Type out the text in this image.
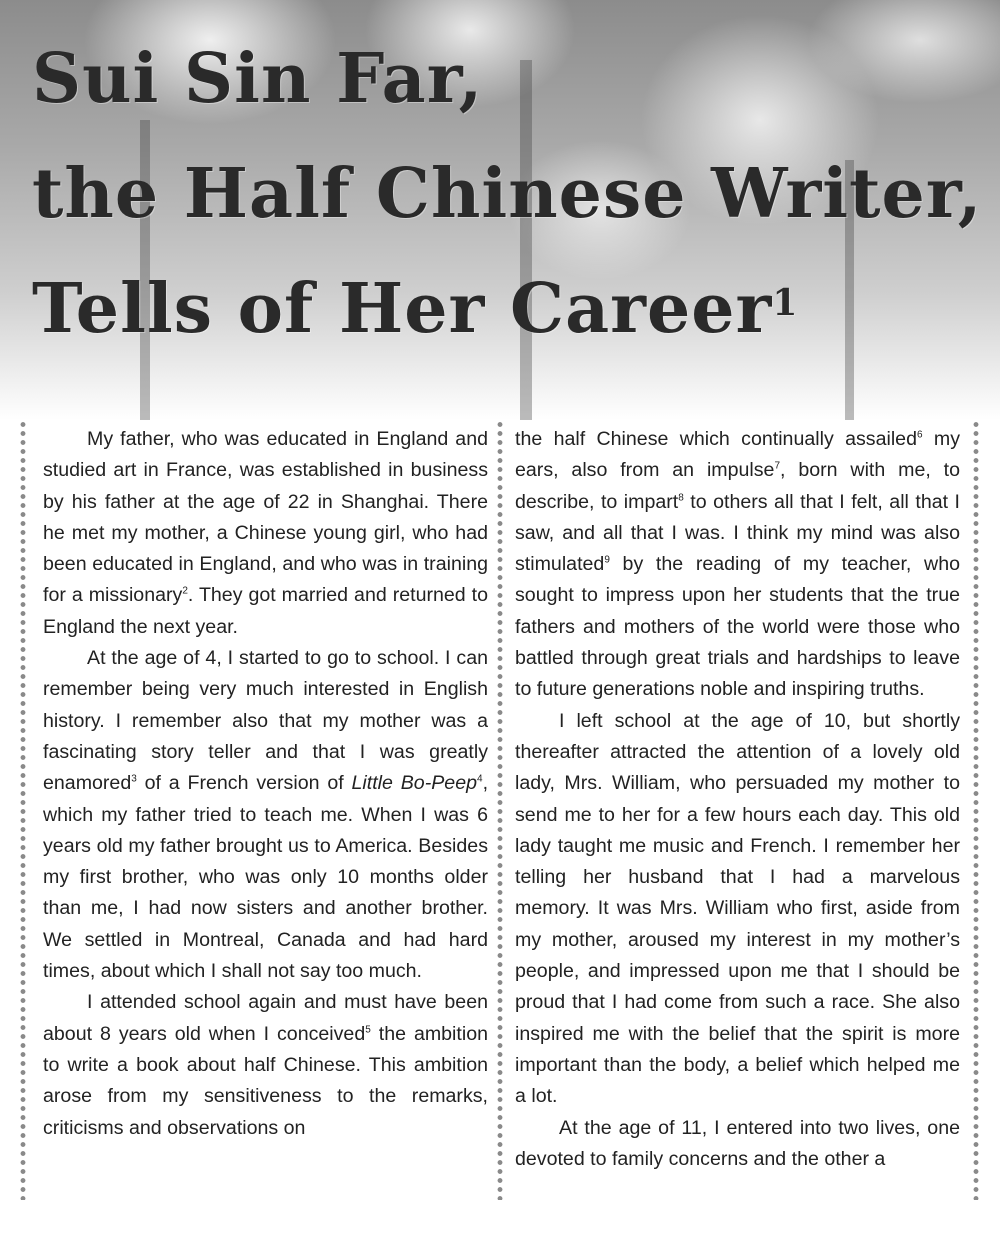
Sui Sin Far,
the Half Chinese Writer,
Tells of Her Career$^1$

My father, who was educated in England and studied art in France, was established in business by his father at the age of 22 in Shanghai. There he met my mother, a Chinese young girl, who had been educated in England, and who was in training for a missionary$^2$. They got married and returned to England the next year.

At the age of 4, I started to go to school. I can remember being very much interested in English history. I remember also that my mother was a fascinating story teller and that I was greatly enamored$^3$ of a French version of Little Bo-Peep$^4$, which my father tried to teach me. When I was 6 years old my father brought us to America. Besides my first brother, who was only 10 months older than me, I had now sisters and another brother. We settled in Montreal, Canada and had hard times, about which I shall not say too much.

I attended school again and must have been about 8 years old when I conceived$^5$ the ambition to write a book about half Chinese. This ambition arose from my sensitiveness to the remarks, criticisms and observations on

the half Chinese which continually assailed$^6$ my ears, also from an impulse$^7$, born with me, to describe, to impart$^8$ to others all that I felt, all that I saw, and all that I was. I think my mind was also stimulated$^9$ by the reading of my teacher, who sought to impress upon her students that the true fathers and mothers of the world were those who battled through great trials and hardships to leave to future generations noble and inspiring truths.

I left school at the age of 10, but shortly thereafter attracted the attention of a lovely old lady, Mrs. William, who persuaded my mother to send me to her for a few hours each day. This old lady taught me music and French. I remember her telling her husband that I had a marvelous memory. It was Mrs. William who first, aside from my mother, aroused my interest in my mother’s people, and impressed upon me that I should be proud that I had come from such a race. She also inspired me with the belief that the spirit is more important than the body, a belief which helped me a lot.

At the age of 11, I entered into two lives, one devoted to family concerns and the other a
